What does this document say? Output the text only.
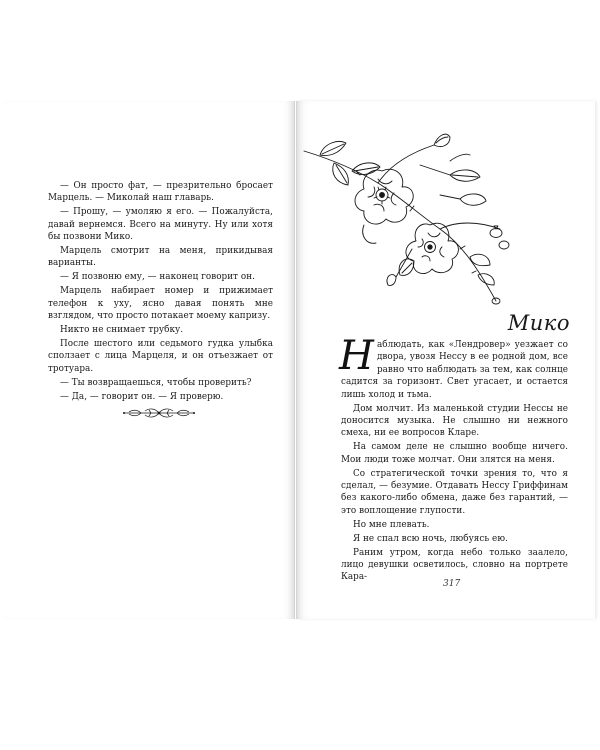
— Он просто фат, — презрительно бросает Марцель. — Миколай наш главарь.

— Прошу, — умоляю я его. — Пожалуйста, давай вернемся. Всего на минуту. Ну или хотя бы позвони Мико.

Марцель смотрит на меня, прикидывая варианты.

— Я позвоню ему, — наконец говорит он.

Марцель набирает номер и прижимает телефон к уху, ясно давая понять мне взглядом, что просто потакает моему капризу.

Никто не снимает трубку.

После шестого или седьмого гудка улыбка сползает с лица Марцеля, и он отъезжает от тротуара.

— Ты возвращаешься, чтобы проверить?

— Да, — говорит он. — Я проверю.

Мико

Наблюдать, как «Лендровер» уезжает со двора, увозя Нессу в ее родной дом, все равно что наблюдать за тем, как солнце садится за горизонт. Свет угасает, и остается лишь холод и тьма.

Дом молчит. Из маленькой студии Нессы не доносится музыка. Не слышно ни нежного смеха, ни ее вопросов Кларе.

На самом деле не слышно вообще ничего. Мои люди тоже молчат. Они злятся на меня.

Со стратегической точки зрения то, что я сделал, — безумие. Отдавать Нессу Гриффинам без какого-либо обмена, даже без гарантий, — это воплощение глупости.

Но мне плевать.

Я не спал всю ночь, любуясь ею.

Раним утром, когда небо только заалело, лицо девушки осветилось, словно на портрете Кара-

317
